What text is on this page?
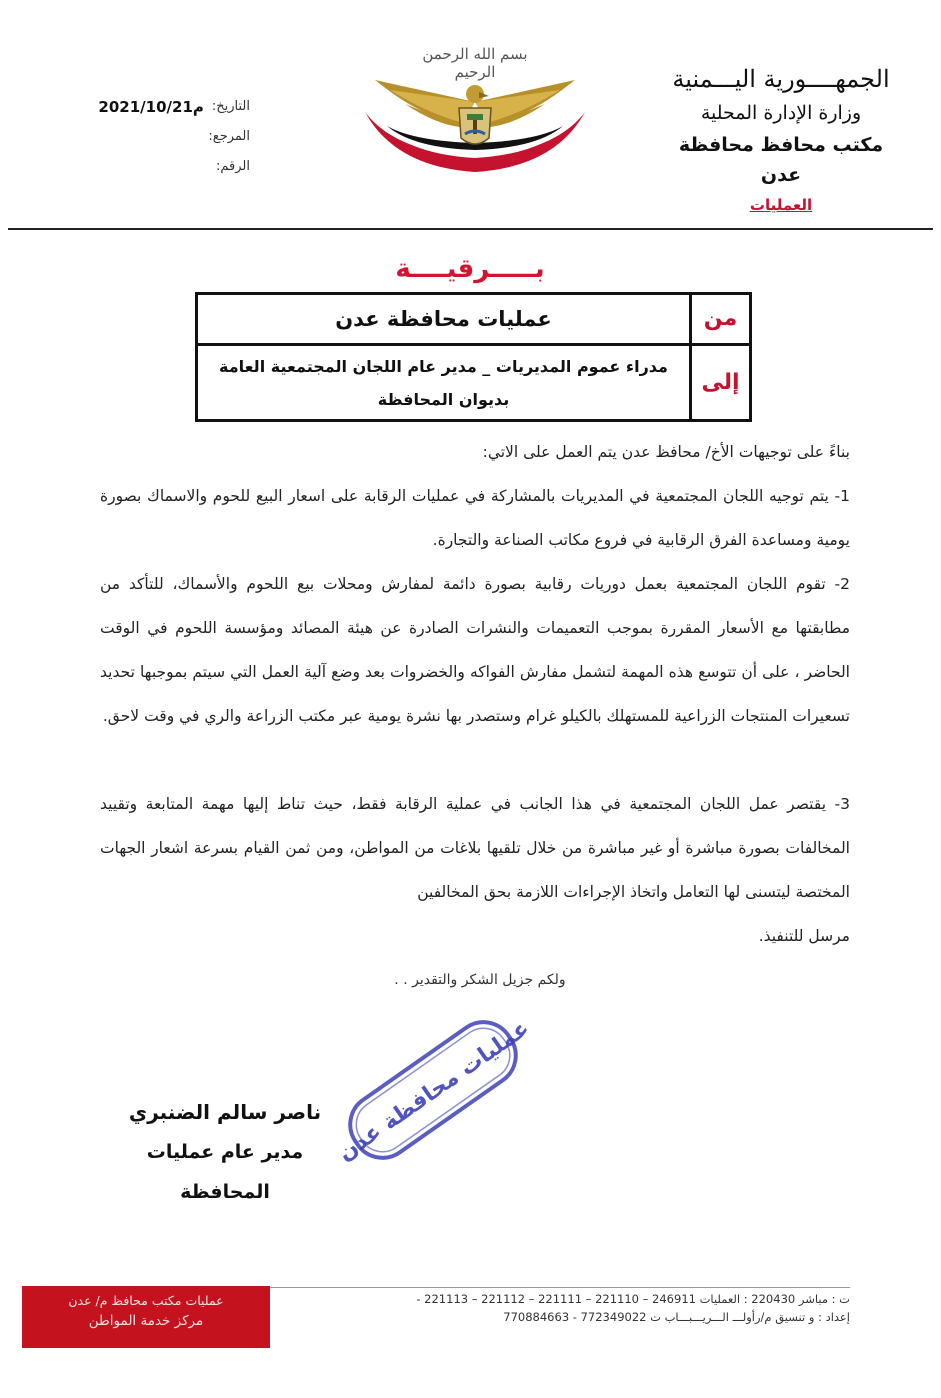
الجمهــــورية اليـــمنية
وزارة الإدارة المحلية
مكتب محافظ محافظة عدن
العمليات
بسم الله الرحمن الرحيم
التاريخ:
2021/10/21م
المرجع:
الرقم:
بـــــرقيــــة
من
عمليات محافظة عدن
إلى
مدراء عموم المديريات _ مدير عام اللجان المجتمعية العامة
بديوان المحافظة
بناءً على توجيهات الأخ/ محافظ عدن يتم العمل على الاتي:
1- يتم توجيه اللجان المجتمعية في المديريات بالمشاركة في عمليات الرقابة على اسعار البيع للحوم والاسماك بصورة يومية ومساعدة الفرق الرقابية في فروع مكاتب الصناعة والتجارة.
2- تقوم اللجان المجتمعية بعمل دوريات رقابية بصورة دائمة لمفارش ومحلات بيع اللحوم والأسماك، للتأكد من مطابقتها مع الأسعار المقررة بموجب التعميمات والنشرات الصادرة عن هيئة المصائد ومؤسسة اللحوم في الوقت الحاضر ، على أن تتوسع هذه المهمة لتشمل مفارش الفواكه والخضروات بعد وضع آلية العمل التي سيتم بموجبها تحديد تسعيرات المنتجات الزراعية للمستهلك بالكيلو غرام وستصدر بها نشرة يومية عبر مكتب الزراعة والري في وقت لاحق.
3- يقتصر عمل اللجان المجتمعية في هذا الجانب في عملية الرقابة فقط، حيث تناط إليها مهمة المتابعة وتقييد المخالفات بصورة مباشرة أو غير مباشرة من خلال تلقيها بلاغات من المواطن، ومن ثمن القيام بسرعة اشعار الجهات المختصة ليتسنى لها التعامل واتخاذ الإجراءات اللازمة بحق المخالفين
مرسل للتنفيذ.
ولكم جزيل الشكر والتقدير . .
عمليات محافظة عدن
ناصر سالم الضنبري
مدير عام عمليات المحافظة
عمليات مكتب محافظ م/ عدن
مركز خدمة المواطن
ت : مباشر 220430 : العمليات 246911 – 221110 – 221111 – 221112 – 221113 -
إعداد : و تنسيق م/رأولـــ الـــريـــبـــاب ت 772349022 - 770884663
